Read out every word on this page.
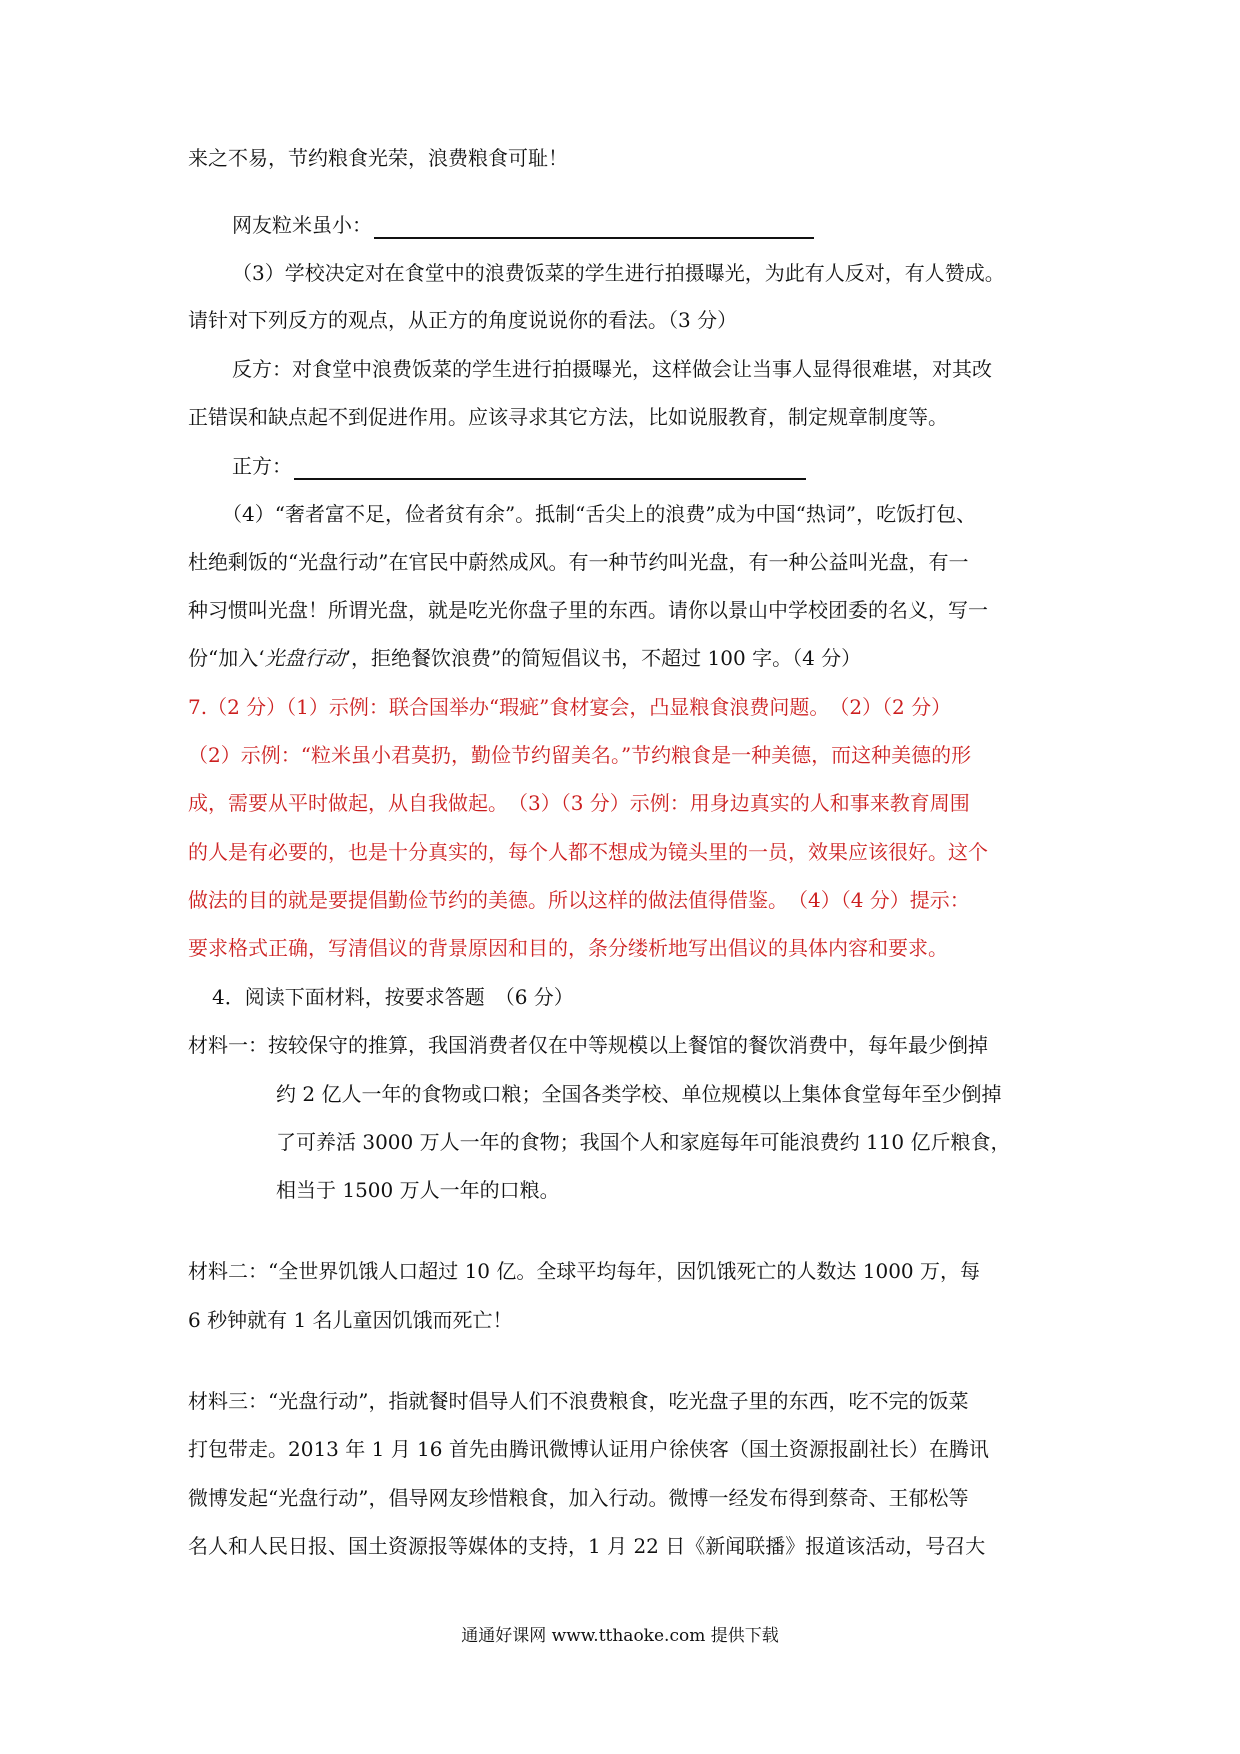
来之不易，节约粮食光荣，浪费粮食可耻！
网友粒米虽小：
（3）学校决定对在食堂中的浪费饭菜的学生进行拍摄曝光，为此有人反对，有人赞成。
请针对下列反方的观点，从正方的角度说说你的看法。（3 分）
反方：对食堂中浪费饭菜的学生进行拍摄曝光，这样做会让当事人显得很难堪，对其改
正错误和缺点起不到促进作用。应该寻求其它方法，比如说服教育，制定规章制度等。
正方：
（4）“奢者富不足，俭者贫有余”。抵制“舌尖上的浪费”成为中国“热词”，吃饭打包、
杜绝剩饭的“光盘行动”在官民中蔚然成风。有一种节约叫光盘，有一种公益叫光盘，有一
种习惯叫光盘！所谓光盘，就是吃光你盘子里的东西。请你以景山中学校团委的名义，写一
份“加入‘光盘行动’，拒绝餐饮浪费”的简短倡议书，不超过 100 字。（4 分）
7.（2 分）（1）示例：联合国举办“瑕疵”食材宴会，凸显粮食浪费问题。　（2）（2 分）
（2）示例：“粒米虽小君莫扔，勤俭节约留美名。”节约粮食是一种美德，而这种美德的形
成，需要从平时做起，从自我做起。　（3）（3 分）示例：用身边真实的人和事来教育周围
的人是有必要的，也是十分真实的，每个人都不想成为镜头里的一员，效果应该很好。这个
做法的目的就是要提倡勤俭节约的美德。所以这样的做法值得借鉴。　（4）（4 分）提示：
要求格式正确，写清倡议的背景原因和目的，条分缕析地写出倡议的具体内容和要求。
4．阅读下面材料，按要求答题　（6 分）
材料一：按较保守的推算，我国消费者仅在中等规模以上餐馆的餐饮消费中，每年最少倒掉
约 2 亿人一年的食物或口粮；全国各类学校、单位规模以上集体食堂每年至少倒掉
了可养活 3000 万人一年的食物；我国个人和家庭每年可能浪费约 110 亿斤粮食，
相当于 1500 万人一年的口粮。
材料二：“全世界饥饿人口超过 10 亿。全球平均每年，因饥饿死亡的人数达 1000 万，每
6 秒钟就有 1 名儿童因饥饿而死亡！
材料三：“光盘行动”，指就餐时倡导人们不浪费粮食，吃光盘子里的东西，吃不完的饭菜
打包带走。2013 年 1 月 16 首先由腾讯微博认证用户徐侠客（国土资源报副社长）在腾讯
微博发起“光盘行动”，倡导网友珍惜粮食，加入行动。微博一经发布得到蔡奇、王郁松等
名人和人民日报、国土资源报等媒体的支持，1 月 22 日《新闻联播》报道该活动，号召大
通通好课网 www.tthaoke.com 提供下载
